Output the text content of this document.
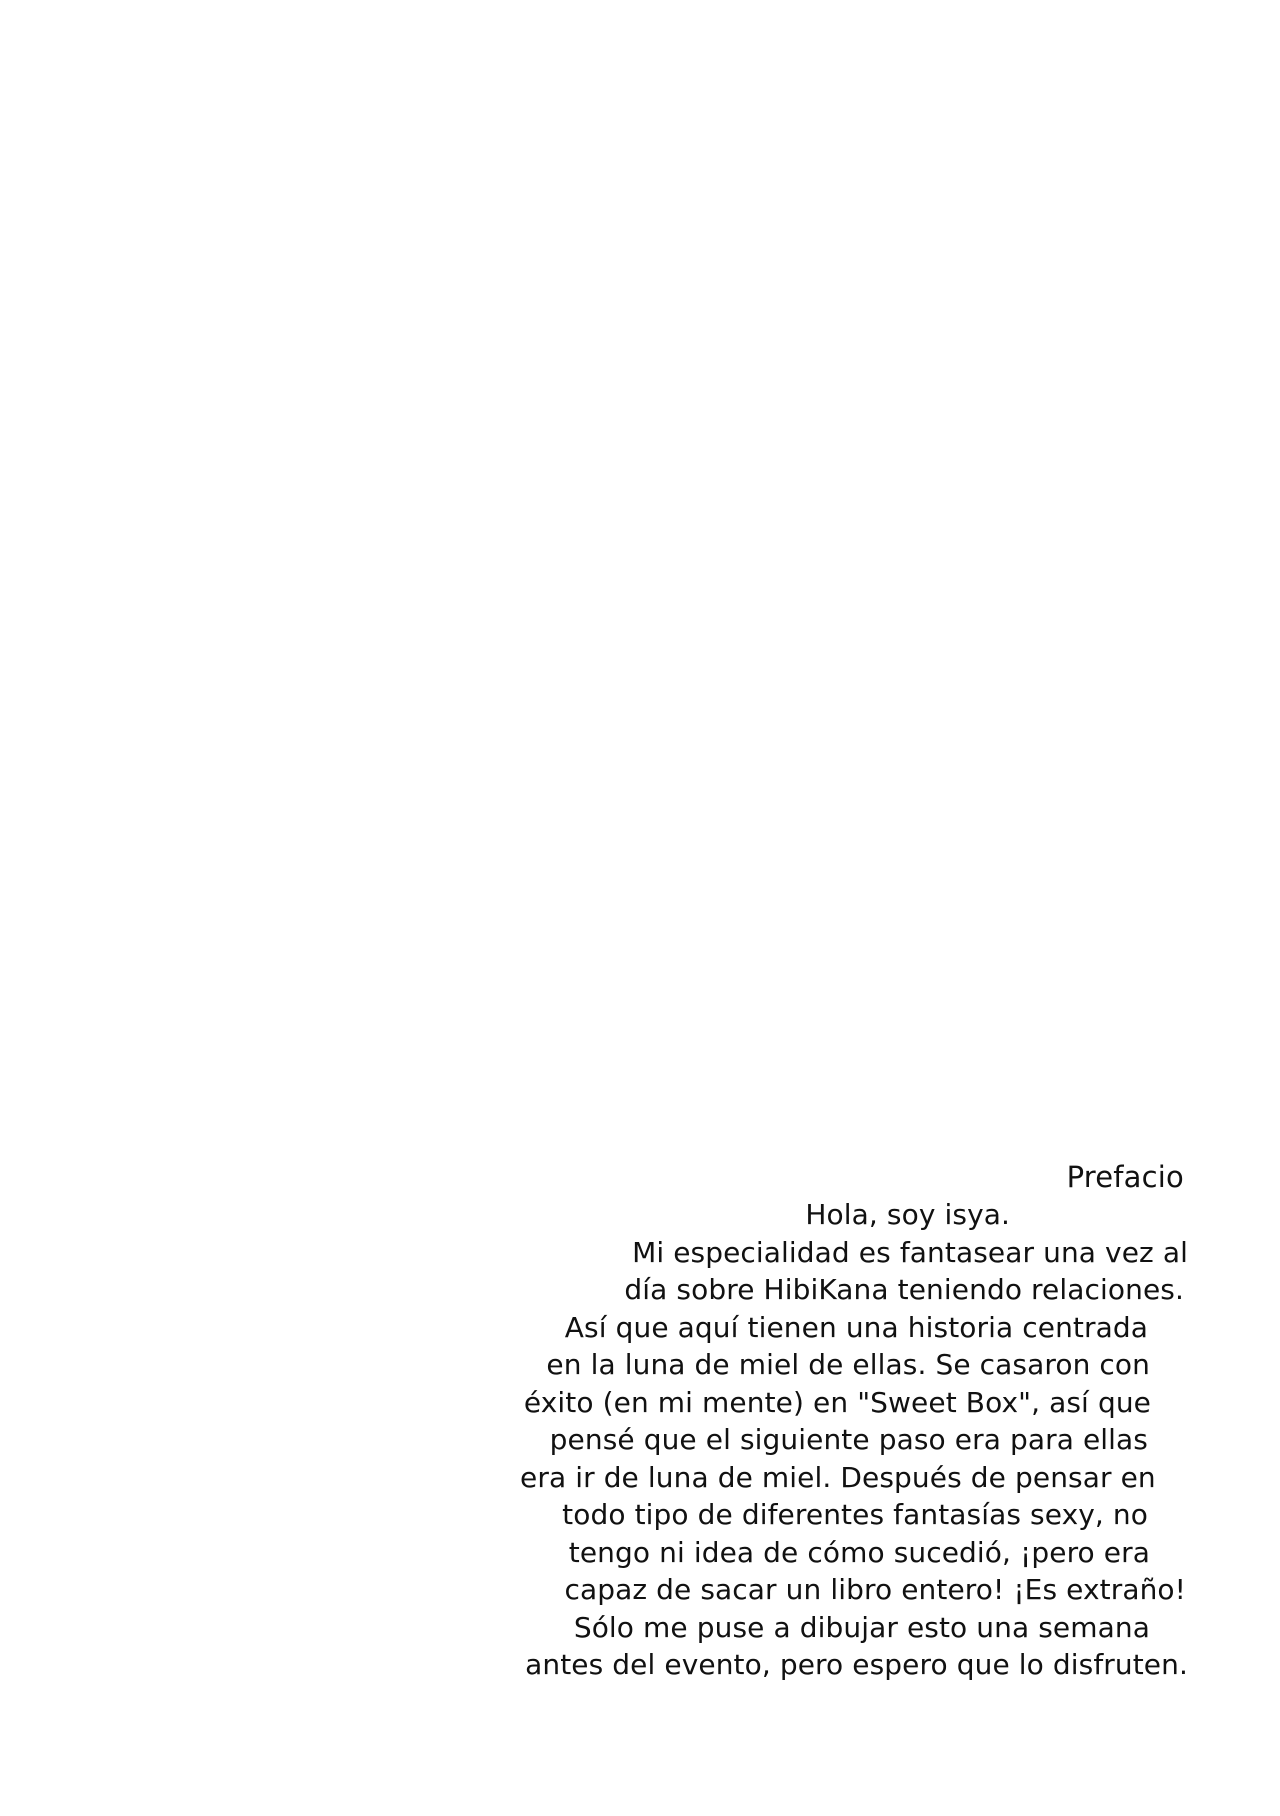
Prefacio

Hola, soy isya.

Mi especialidad es fantasear una vez al

día sobre HibiKana teniendo relaciones.

Así que aquí tienen una historia centrada

en la luna de miel de ellas. Se casaron con

éxito (en mi mente) en "Sweet Box", así que

pensé que el siguiente paso era para ellas

era ir de luna de miel. Después de pensar en

todo tipo de diferentes fantasías sexy, no

tengo ni idea de cómo sucedió, ¡pero era

capaz de sacar un libro entero! ¡Es extraño!

Sólo me puse a dibujar esto una semana

antes del evento, pero espero que lo disfruten.
